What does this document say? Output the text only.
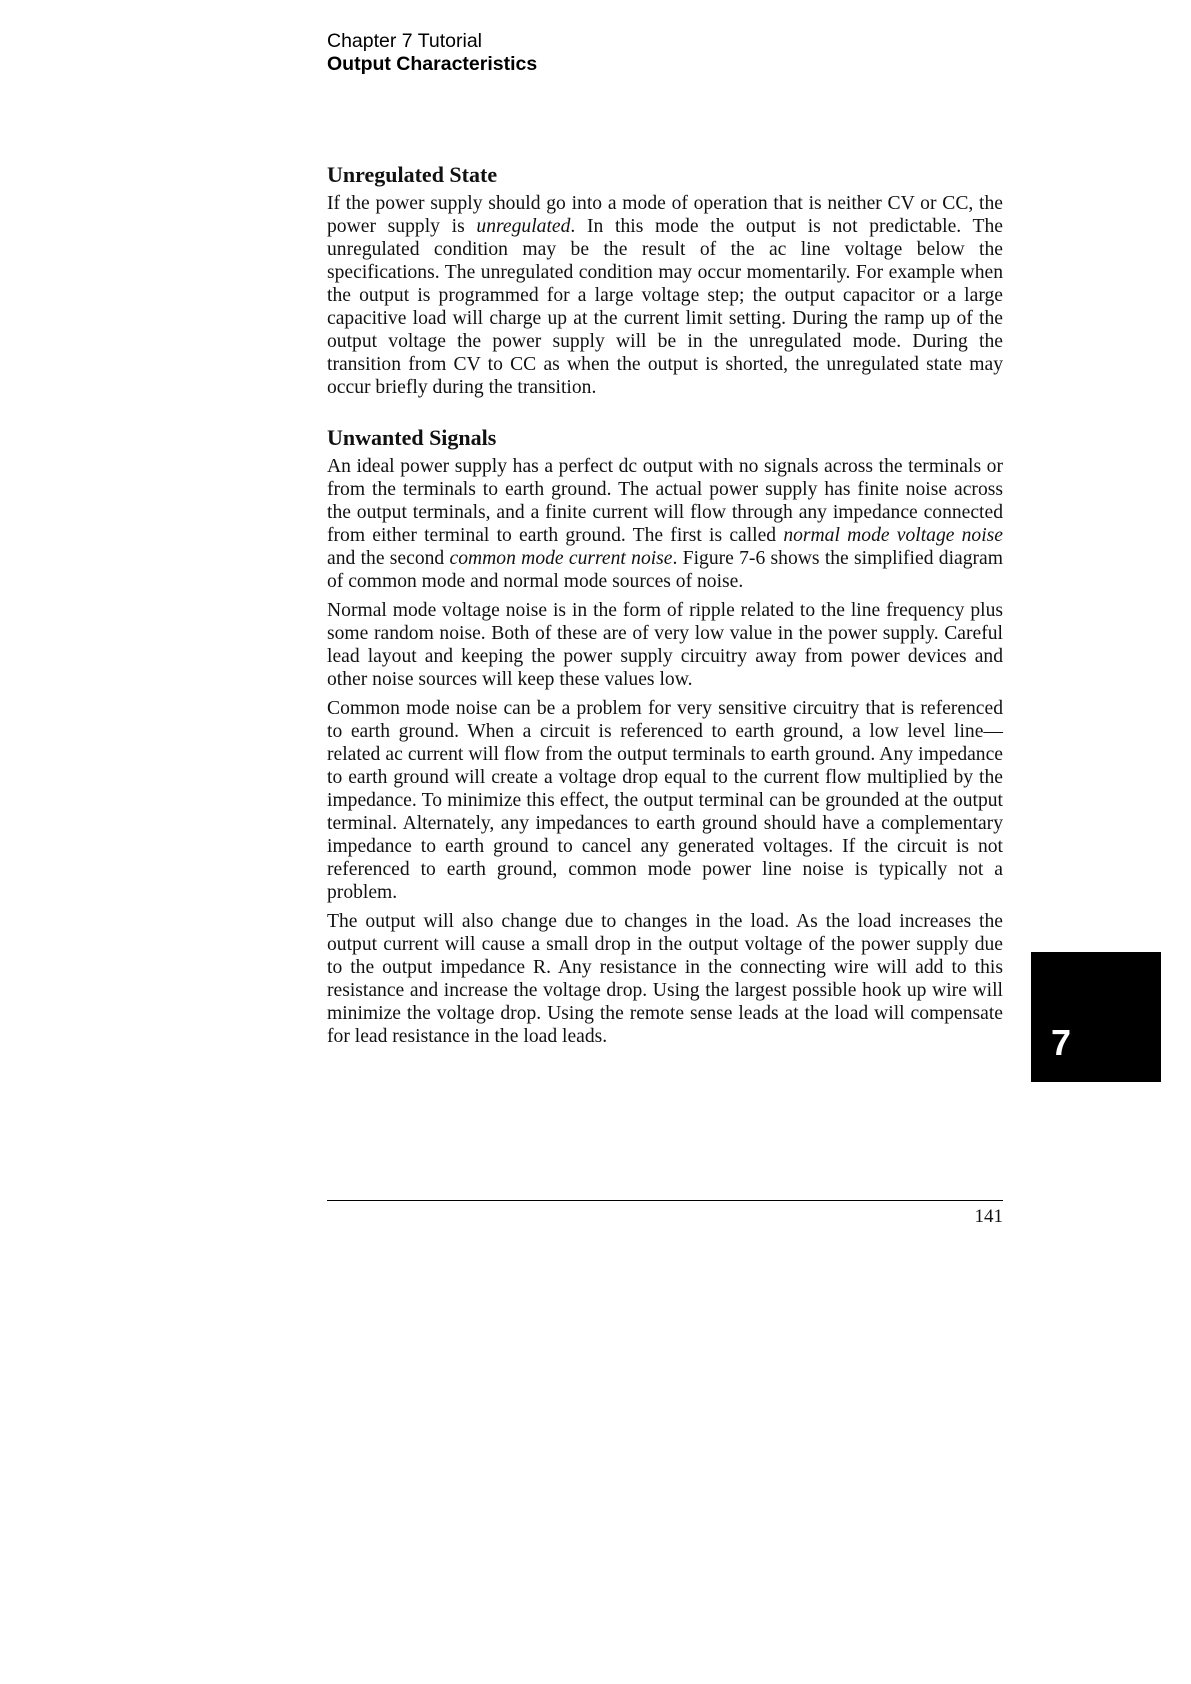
Chapter 7 Tutorial
Output Characteristics
Unregulated State

If the power supply should go into a mode of operation that is neither CV or CC, the power supply is unregulated. In this mode the output is not predictable. The unregulated condition may be the result of the ac line voltage below the specifications. The unregulated condition may occur momentarily. For example when the output is programmed for a large voltage step; the output capacitor or a large capacitive load will charge up at the current limit setting. During the ramp up of the output voltage the power supply will be in the unregulated mode. During the transition from CV to CC as when the output is shorted, the unregulated state may occur briefly during the transition.

Unwanted Signals

An ideal power supply has a perfect dc output with no signals across the terminals or from the terminals to earth ground. The actual power supply has finite noise across the output terminals, and a finite current will flow through any impedance connected from either terminal to earth ground. The first is called normal mode voltage noise and the second common mode current noise. Figure 7-6 shows the simplified diagram of common mode and normal mode sources of noise.

Normal mode voltage noise is in the form of ripple related to the line frequency plus some random noise. Both of these are of very low value in the power supply. Careful lead layout and keeping the power supply circuitry away from power devices and other noise sources will keep these values low.

Common mode noise can be a problem for very sensitive circuitry that is referenced to earth ground. When a circuit is referenced to earth ground, a low level line—related ac current will flow from the output terminals to earth ground. Any impedance to earth ground will create a voltage drop equal to the current flow multiplied by the impedance. To minimize this effect, the output terminal can be grounded at the output terminal. Alternately, any impedances to earth ground should have a complementary impedance to earth ground to cancel any generated voltages. If the circuit is not referenced to earth ground, common mode power line noise is typically not a problem.

The output will also change due to changes in the load. As the load increases the output current will cause a small drop in the output voltage of the power supply due to the output impedance R. Any resistance in the connecting wire will add to this resistance and increase the voltage drop. Using the largest possible hook up wire will minimize the voltage drop. Using the remote sense leads at the load will compensate for lead resistance in the load leads.	7
141
